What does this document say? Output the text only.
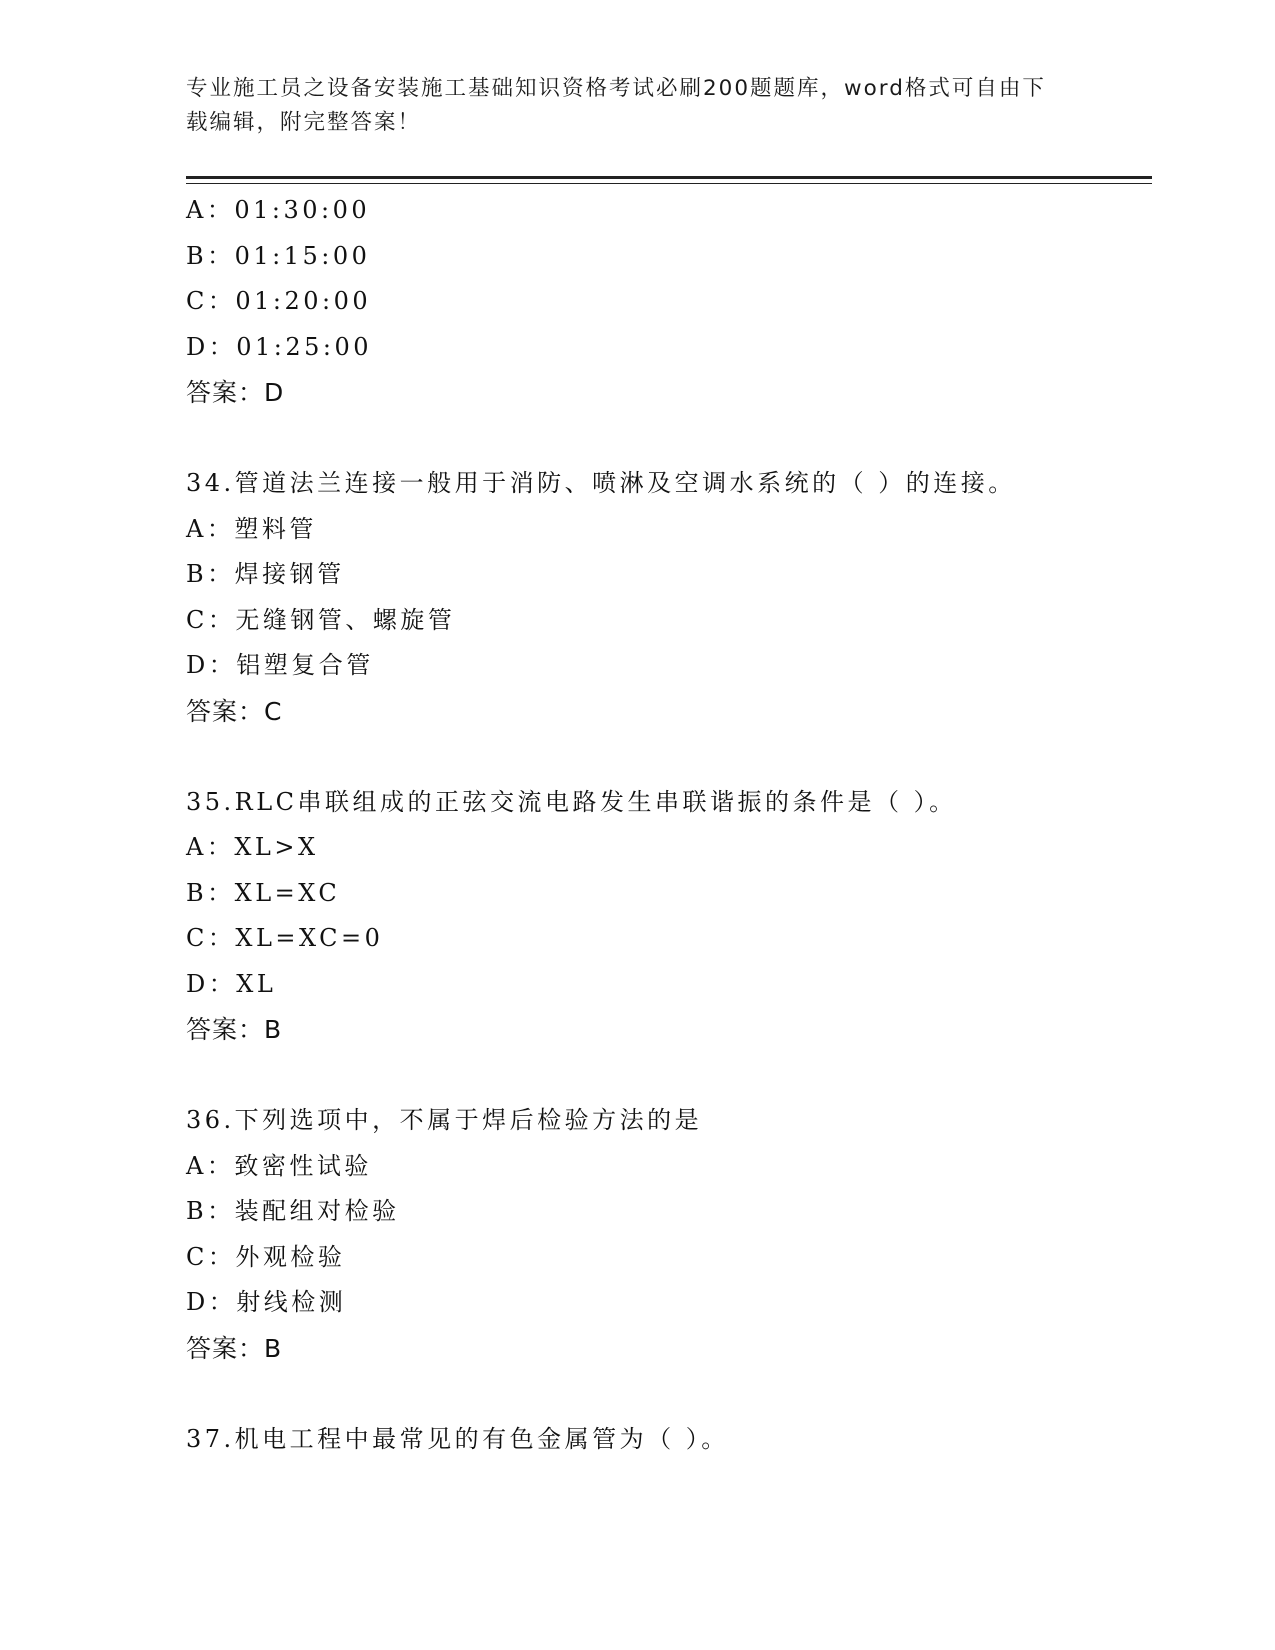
专业施工员之设备安装施工基础知识资格考试必刷200题题库，word格式可自由下载编辑，附完整答案！
A：01:30:00
B：01:15:00
C：01:20:00
D：01:25:00
答案：D
34.管道法兰连接一般用于消防、喷淋及空调水系统的（ ）的连接。
A：塑料管
B：焊接钢管
C：无缝钢管、螺旋管
D：铝塑复合管
答案：C
35.RLC串联组成的正弦交流电路发生串联谐振的条件是（ ）。
A：XL>X
B：XL=XC
C：XL=XC=0
D：XL
答案：B
36.下列选项中，不属于焊后检验方法的是
A：致密性试验
B：装配组对检验
C：外观检验
D：射线检测
答案：B
37.机电工程中最常见的有色金属管为（ ）。
